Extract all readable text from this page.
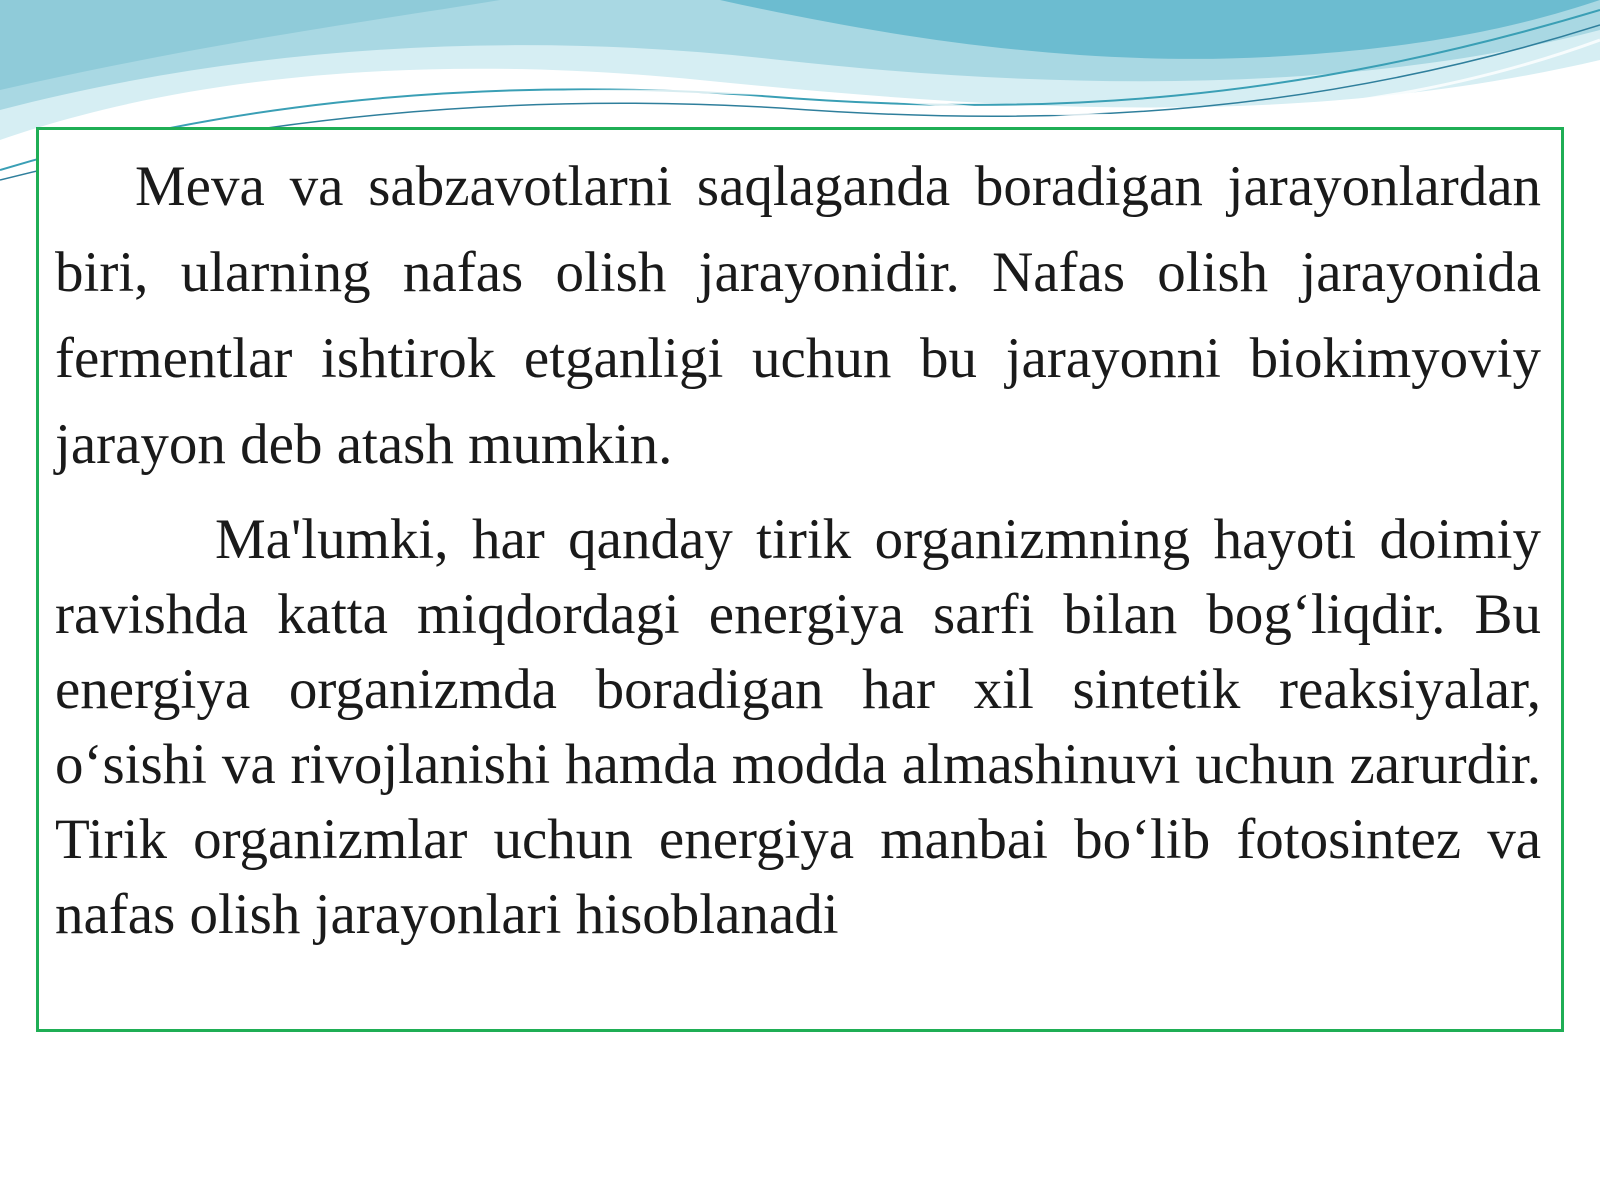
Meva va sabzavotlarni saqlaganda boradigan jarayonlardan biri, ularning nafas olish jarayonidir. Nafas olish jarayonida fermentlar ishtirok etganligi uchun bu jarayonni biokimyoviy jarayon deb atash mumkin.

Ma'lumki, har qanday tirik organizmning hayoti doimiy ravishda katta miqdordagi energiya sarfi bilan bog‘liqdir. Bu energiya organizmda boradigan har xil sintetik reaksiyalar, o‘sishi va rivojlanishi hamda modda almashinuvi uchun zarurdir. Tirik organizmlar uchun energiya manbai bo‘lib fotosintez va nafas olish jarayonlari hisoblanadi
